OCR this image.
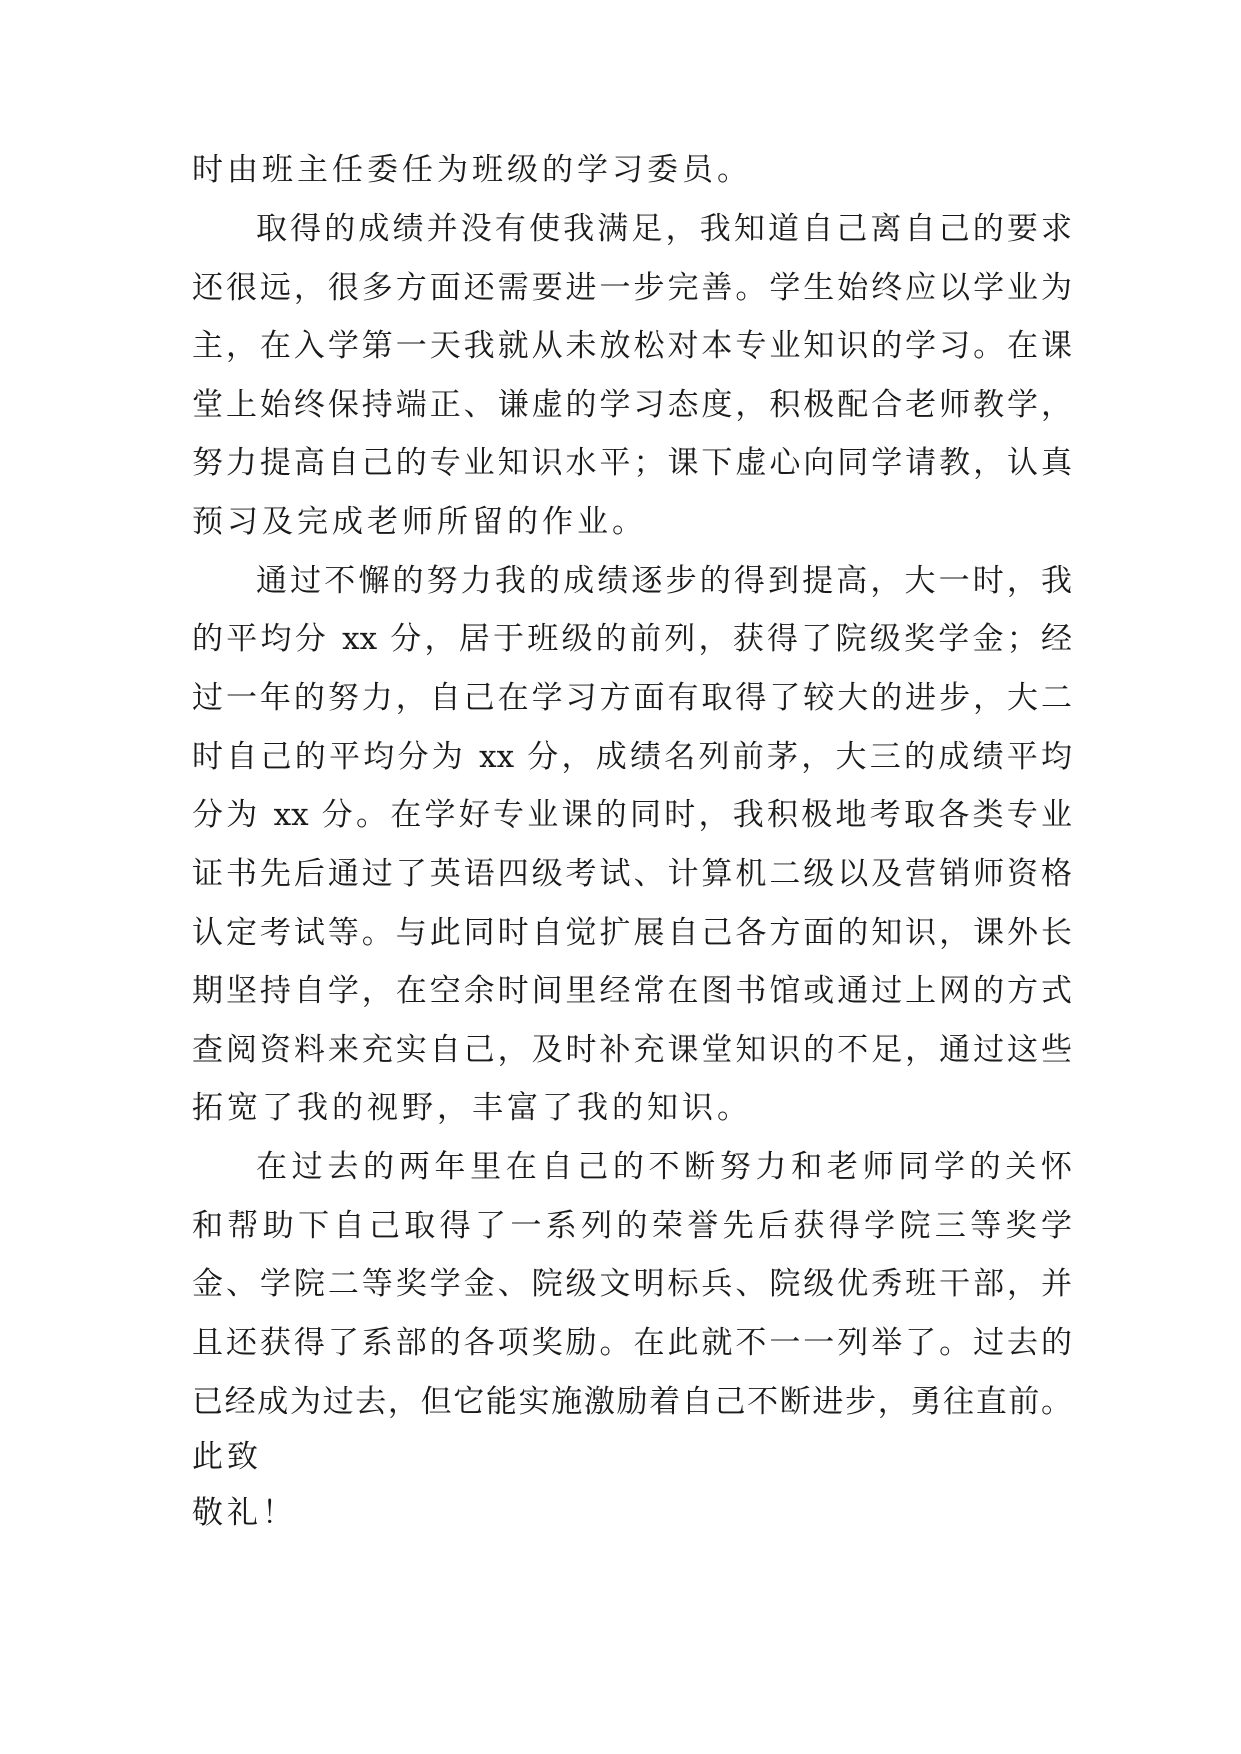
时由班主任委任为班级的学习委员。
取得的成绩并没有使我满足，我知道自己离自己的要求
还很远，很多方面还需要进一步完善。学生始终应以学业为
主，在入学第一天我就从未放松对本专业知识的学习。在课
堂上始终保持端正、谦虚的学习态度，积极配合老师教学，
努力提高自己的专业知识水平；课下虚心向同学请教，认真
预习及完成老师所留的作业。
通过不懈的努力我的成绩逐步的得到提高，大一时，我
的平均分 xx 分，居于班级的前列，获得了院级奖学金；经
过一年的努力，自己在学习方面有取得了较大的进步，大二
时自己的平均分为 xx 分，成绩名列前茅，大三的成绩平均
分为 xx 分。在学好专业课的同时，我积极地考取各类专业
证书先后通过了英语四级考试、计算机二级以及营销师资格
认定考试等。与此同时自觉扩展自己各方面的知识，课外长
期坚持自学，在空余时间里经常在图书馆或通过上网的方式
查阅资料来充实自己，及时补充课堂知识的不足，通过这些
拓宽了我的视野，丰富了我的知识。
在过去的两年里在自己的不断努力和老师同学的关怀
和帮助下自己取得了一系列的荣誉先后获得学院三等奖学
金、学院二等奖学金、院级文明标兵、院级优秀班干部，并
且还获得了系部的各项奖励。在此就不一一列举了。过去的
已经成为过去，但它能实施激励着自己不断进步，勇往直前。
此致
敬礼！
